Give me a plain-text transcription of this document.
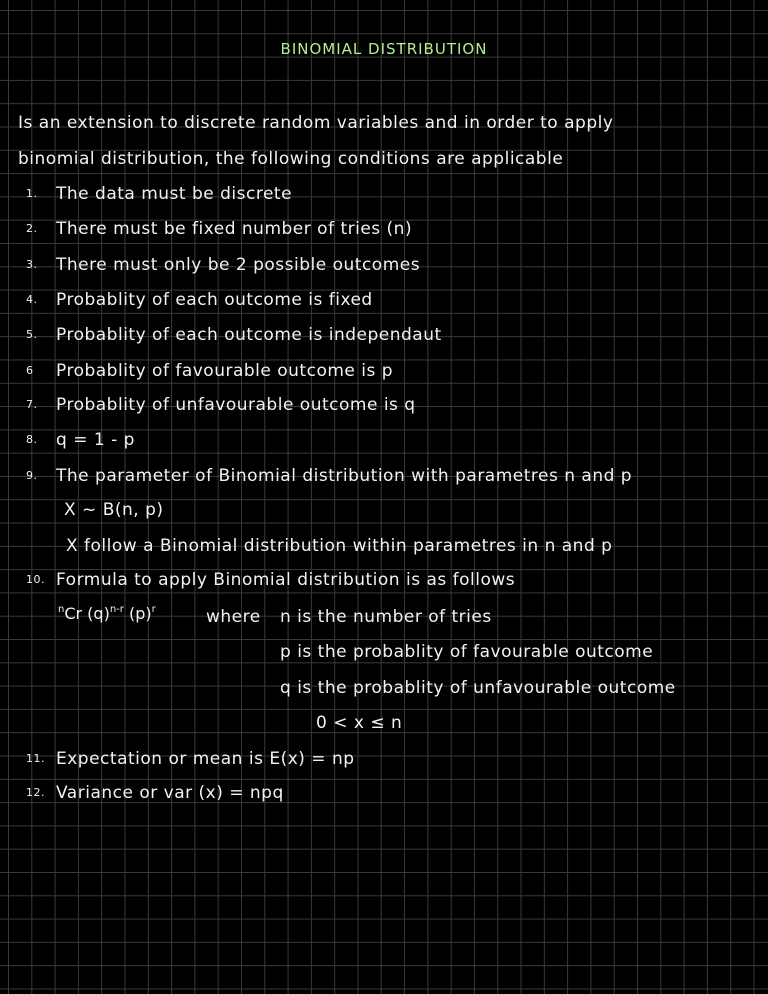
BINOMIAL DISTRIBUTION
Is an extension to discrete random variables and in order to apply
binomial distribution, the following conditions are applicable
1. The data must be discrete
2. There must be fixed number of tries (n)
3. There must only be 2 possible outcomes
4. Probablity of each outcome is fixed
5. Probablity of each outcome is independaut
6 Probablity of favourable outcome is p
7. Probablity of unfavourable outcome is q
8. q = 1 - p
9. The parameter of Binomial distribution with parametres n and p
X ~ B(n, p)
X follow a Binomial distribution within parametres in n and p
10. Formula to apply Binomial distribution is as follows
$^n$Cr $(q)^{n-r}$ $(p)^r$	where n is the number of tries
p is the probablity of favourable outcome
q is the probablity of unfavourable outcome
0 < x ≤ n
11. Expectation or mean is E(x) = np
12. Variance or var (x) = npq
